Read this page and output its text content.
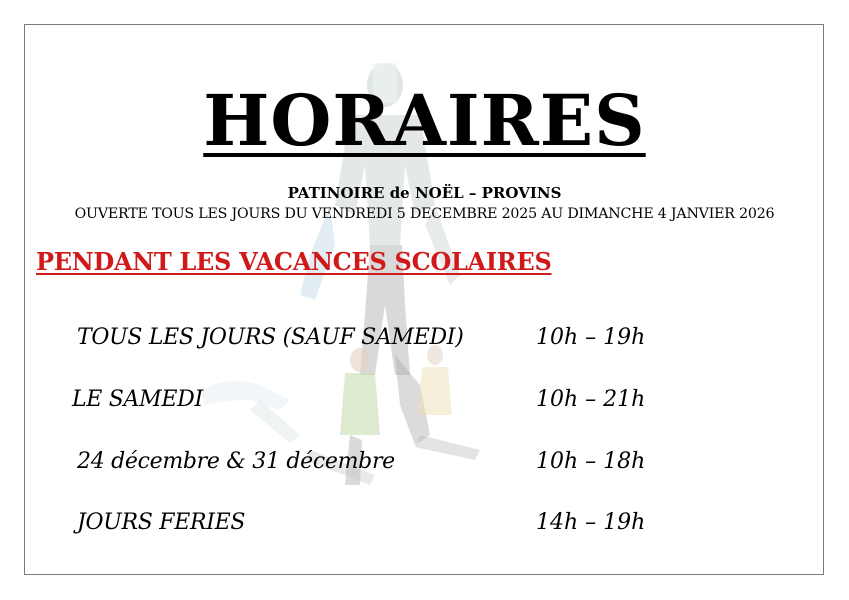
HORAIRES
PATINOIRE de NOËL – PROVINS
OUVERTE TOUS LES JOURS DU VENDREDI 5 DECEMBRE 2025 AU DIMANCHE 4 JANVIER 2026
PENDANT LES VACANCES SCOLAIRES
TOUS LES JOURS (SAUF SAMEDI)	10h – 19h
LE SAMEDI	10h – 21h
24 décembre & 31 décembre	10h – 18h
JOURS FERIES	14h – 19h
